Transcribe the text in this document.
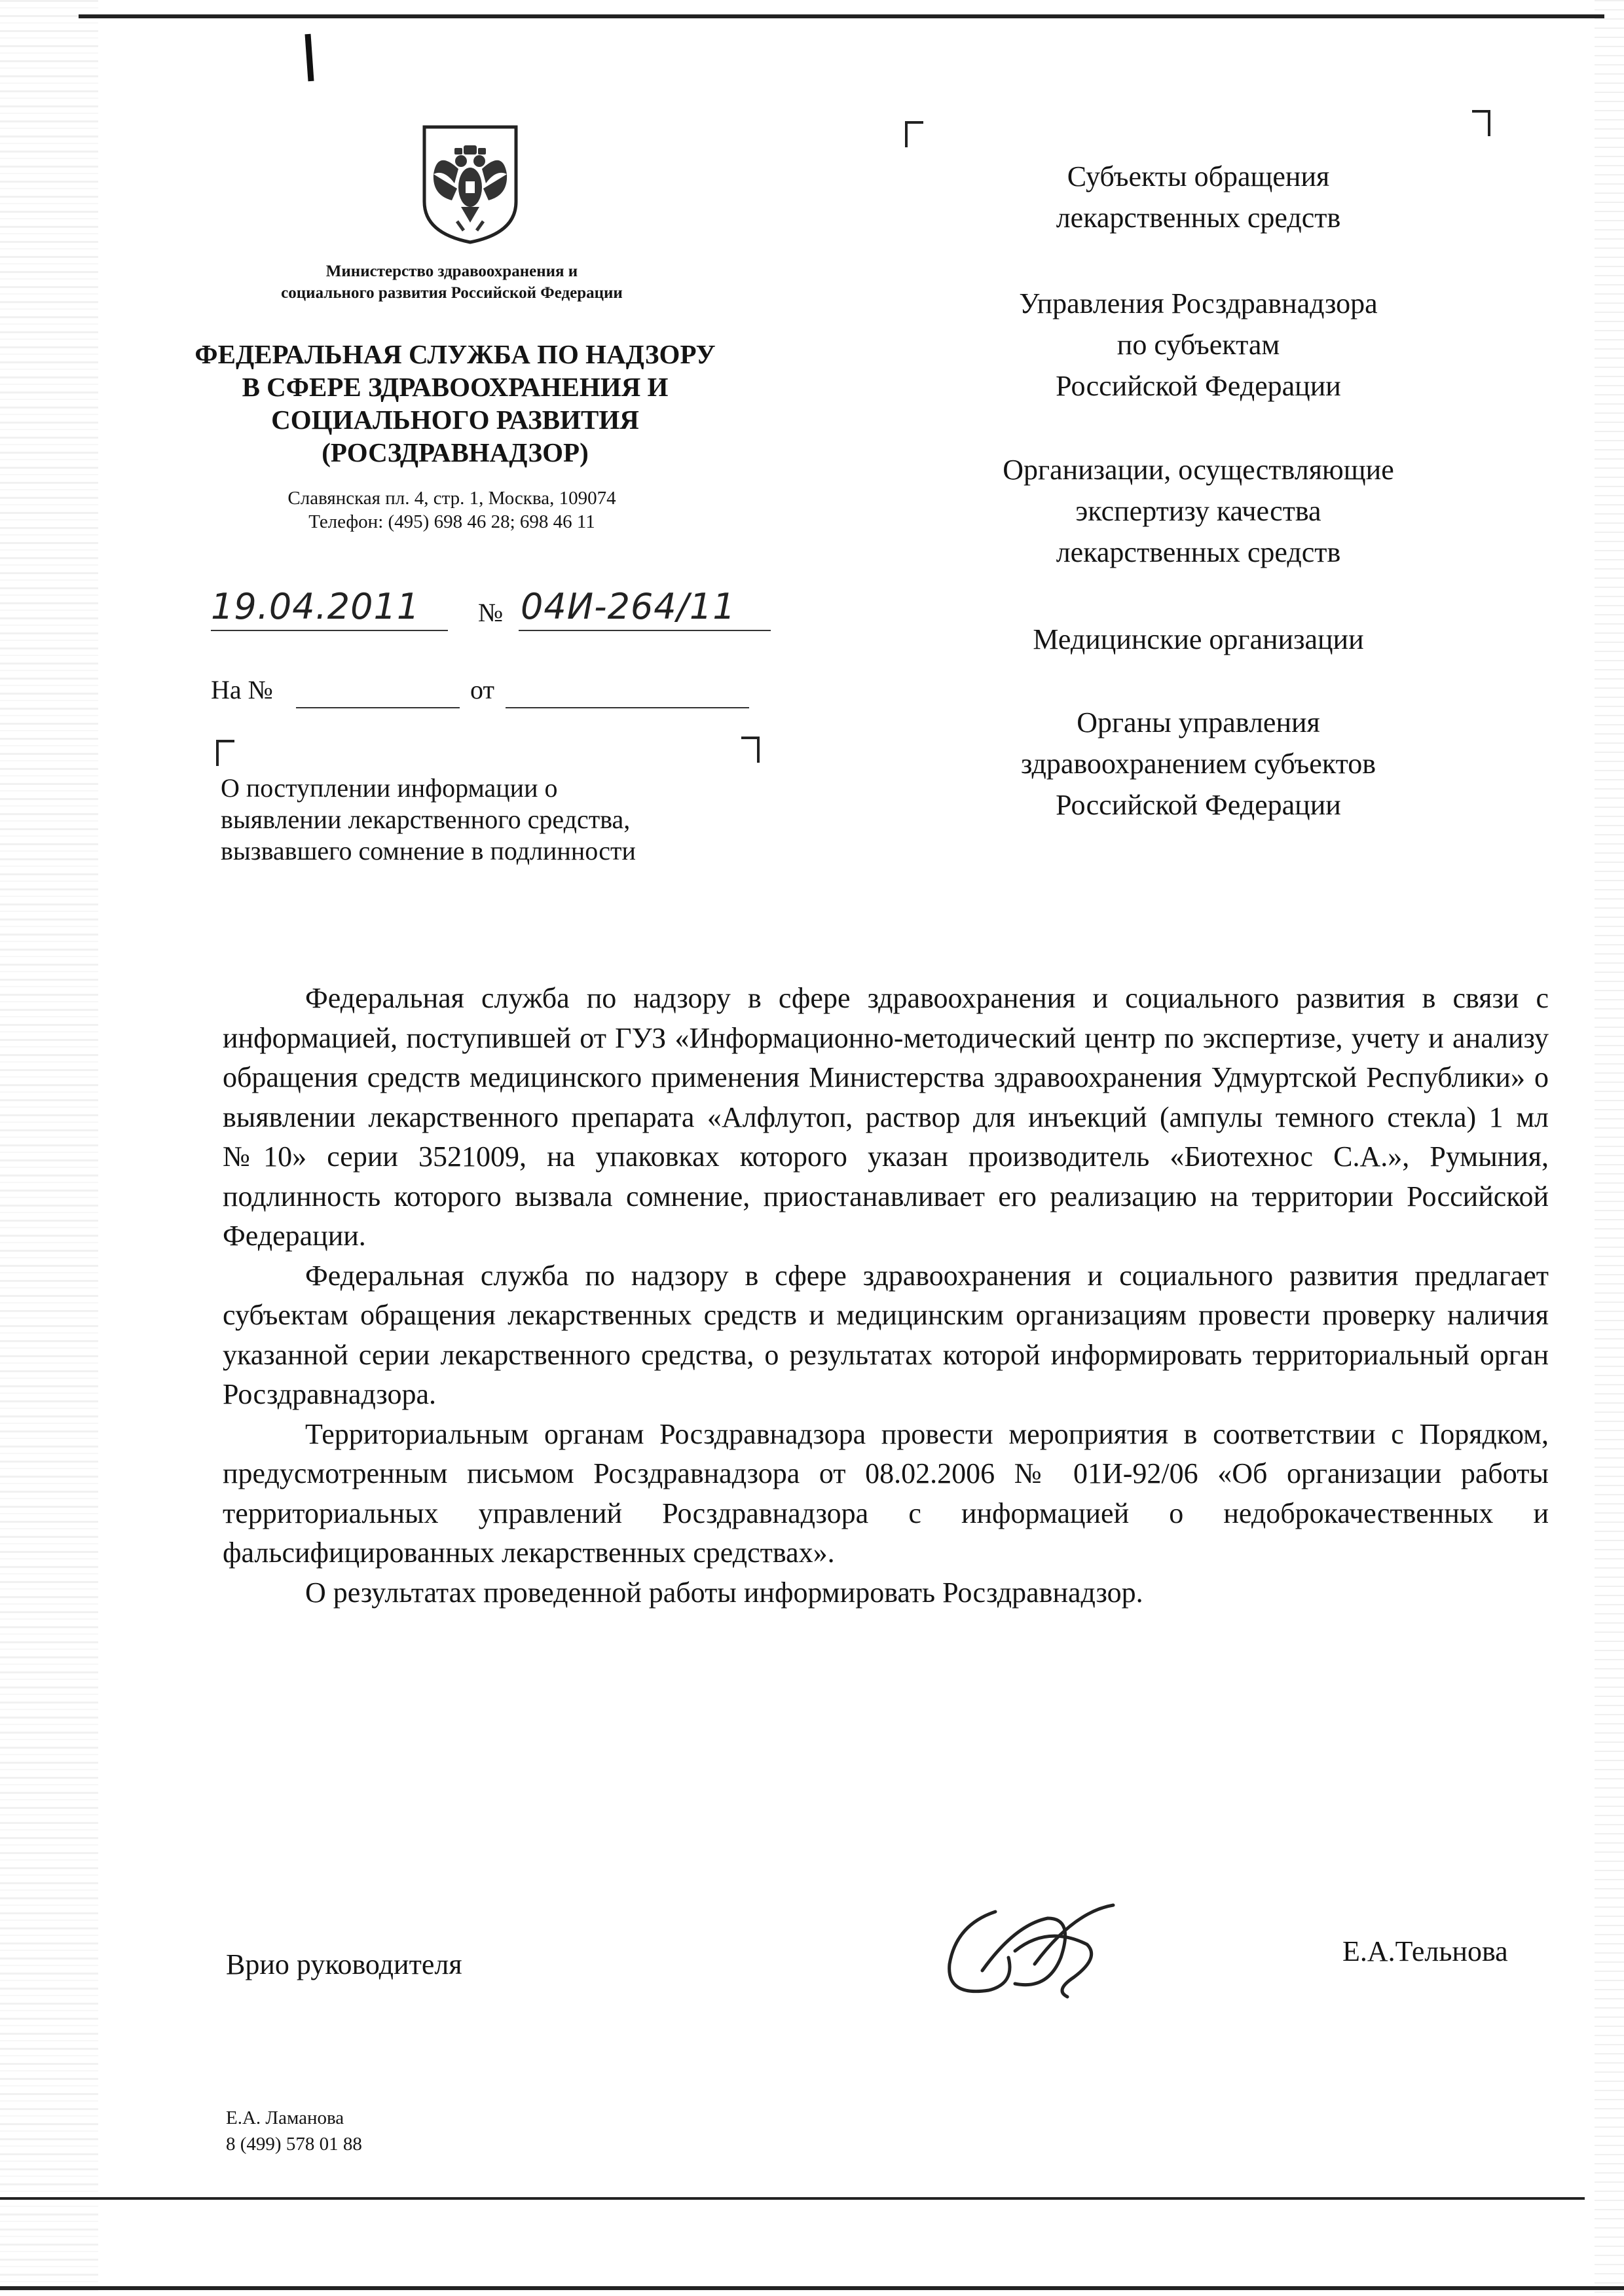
Министерство здравоохранения и
социального развития Российской Федерации
ФЕДЕРАЛЬНАЯ СЛУЖБА ПО НАДЗОРУ
В СФЕРЕ ЗДРАВООХРАНЕНИЯ И
СОЦИАЛЬНОГО РАЗВИТИЯ
(РОСЗДРАВНАДЗОР)
Славянская пл. 4, стр. 1, Москва, 109074
Телефон: (495) 698 46 28; 698 46 11
19.04.2011 № 04И-264/11
На №	от
О поступлении информации о
выявлении лекарственного средства,
вызвавшего сомнение в подлинности
Субъекты обращения
лекарственных средств
Управления Росздравнадзора
по субъектам
Российской Федерации
Организации, осуществляющие
экспертизу качества
лекарственных средств
Медицинские организации
Органы управления
здравоохранением субъектов
Российской Федерации

Федеральная служба по надзору в сфере здравоохранения и социального развития в связи с информацией, поступившей от ГУЗ «Информационно-методический центр по экспертизе, учету и анализу обращения средств медицинского применения Министерства здравоохранения Удмуртской Республики» о выявлении лекарственного препарата «Алфлутоп, раствор для инъекций (ампулы темного стекла) 1 мл №10» серии 3521009, на упаковках которого указан производитель «Биотехнос С.А.», Румыния, подлинность которого вызвала сомнение, приостанавливает его реализацию на территории Российской Федерации.

Федеральная служба по надзору в сфере здравоохранения и социального развития предлагает субъектам обращения лекарственных средств и медицинским организациям провести проверку наличия указанной серии лекарственного средства, о результатах которой информировать территориальный орган Росздравнадзора.

Территориальным органам Росздравнадзора провести мероприятия в соответствии с Порядком, предусмотренным письмом Росздравнадзора от 08.02.2006 № 01И-92/06 «Об организации работы территориальных управлений Росздравнадзора с информацией о недоброкачественных и фальсифицированных лекарственных средствах».

О результатах проведенной работы информировать Росздравнадзор.

Врио руководителя	Е.А.Тельнова
Е.А. Ламанова
8 (499) 578 01 88
